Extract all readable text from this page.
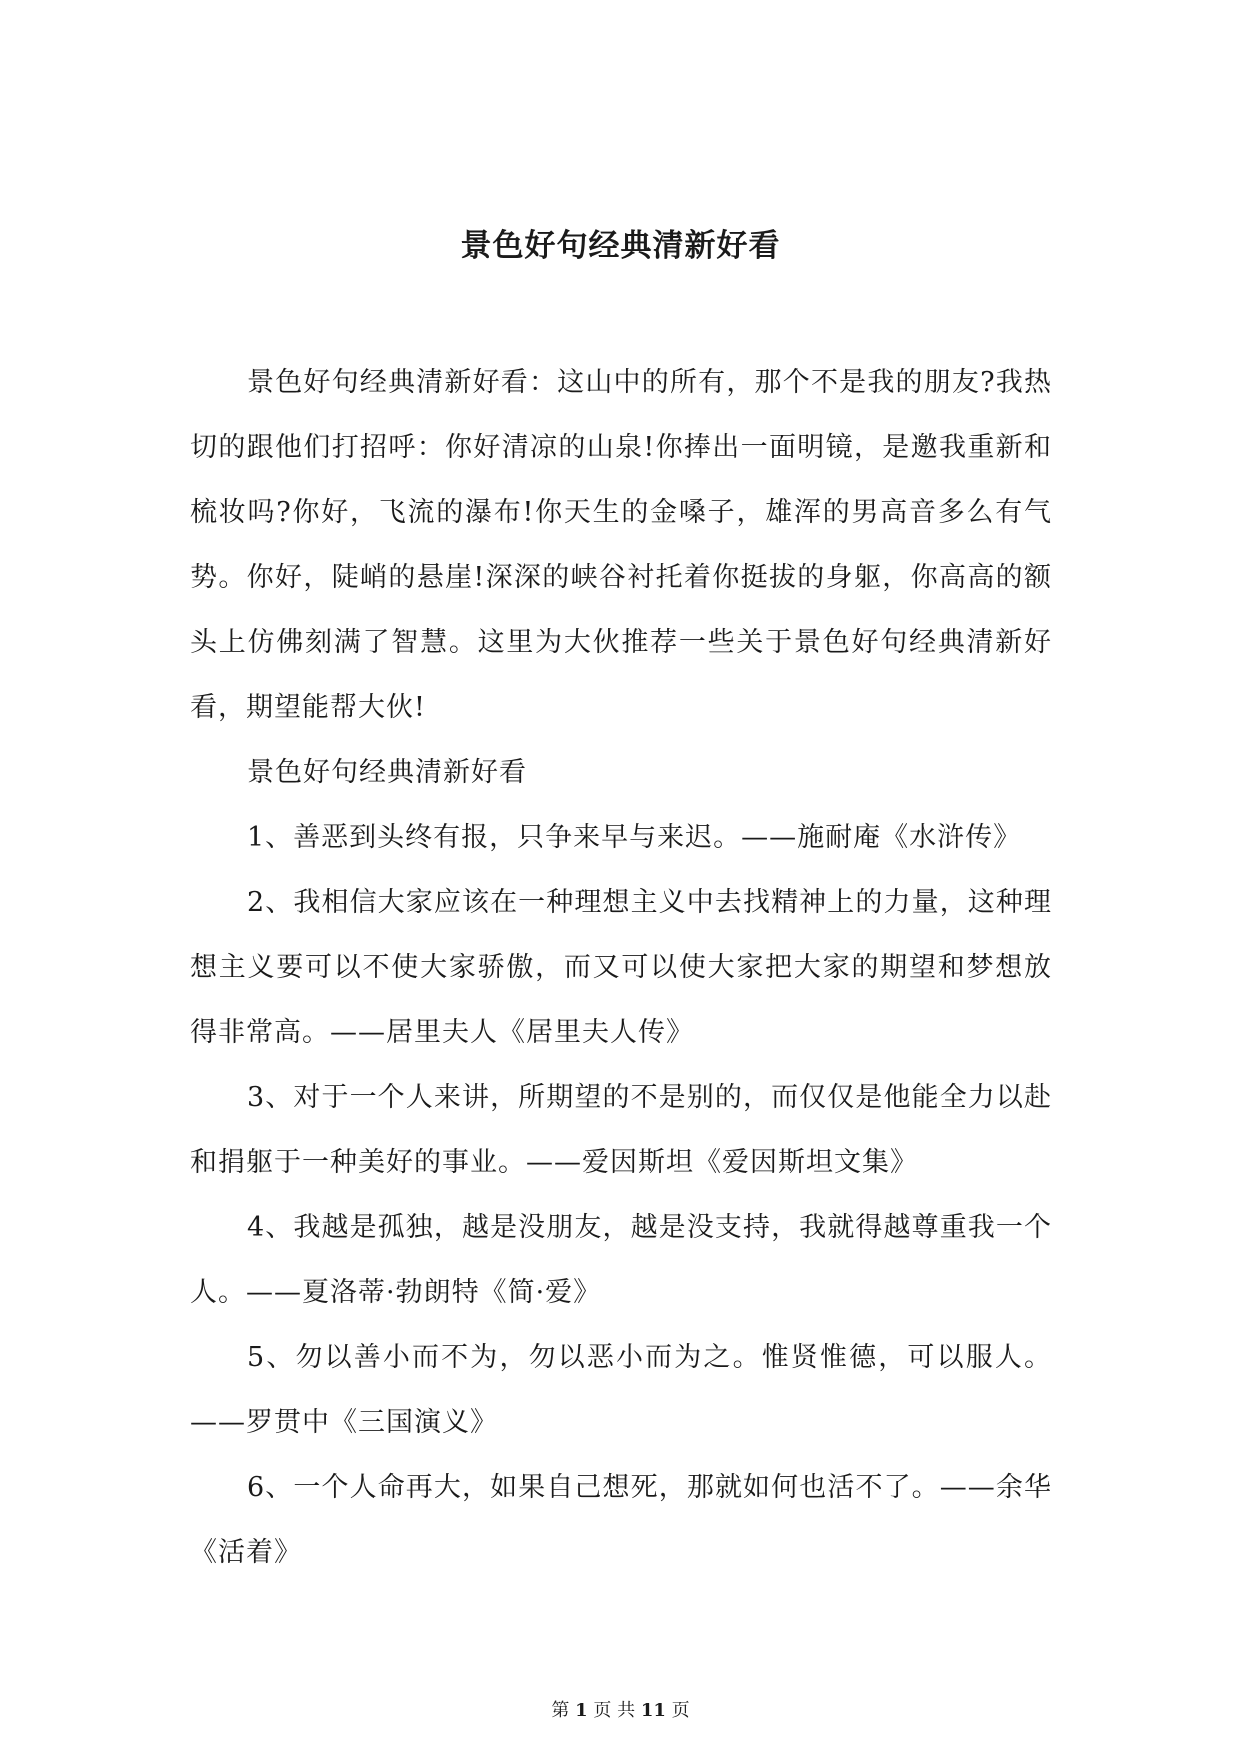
景色好句经典清新好看

景色好句经典清新好看：这山中的所有，那个不是我的朋友?我热切的跟他们打招呼：你好清凉的山泉!你捧出一面明镜，是邀我重新和梳妆吗?你好，飞流的瀑布!你天生的金嗓子，雄浑的男高音多么有气势。你好，陡峭的悬崖!深深的峡谷衬托着你挺拔的身躯，你高高的额头上仿佛刻满了智慧。这里为大伙推荐一些关于景色好句经典清新好看，期望能帮大伙!

景色好句经典清新好看

1、善恶到头终有报，只争来早与来迟。——施耐庵《水浒传》

2、我相信大家应该在一种理想主义中去找精神上的力量，这种理想主义要可以不使大家骄傲，而又可以使大家把大家的期望和梦想放得非常高。——居里夫人《居里夫人传》

3、对于一个人来讲，所期望的不是别的，而仅仅是他能全力以赴和捐躯于一种美好的事业。——爱因斯坦《爱因斯坦文集》

4、我越是孤独，越是没朋友，越是没支持，我就得越尊重我一个人。——夏洛蒂·勃朗特《简·爱》

5、勿以善小而不为，勿以恶小而为之。惟贤惟德，可以服人。——罗贯中《三国演义》

6、一个人命再大，如果自己想死，那就如何也活不了。——余华《活着》

第 1 页 共 11 页
